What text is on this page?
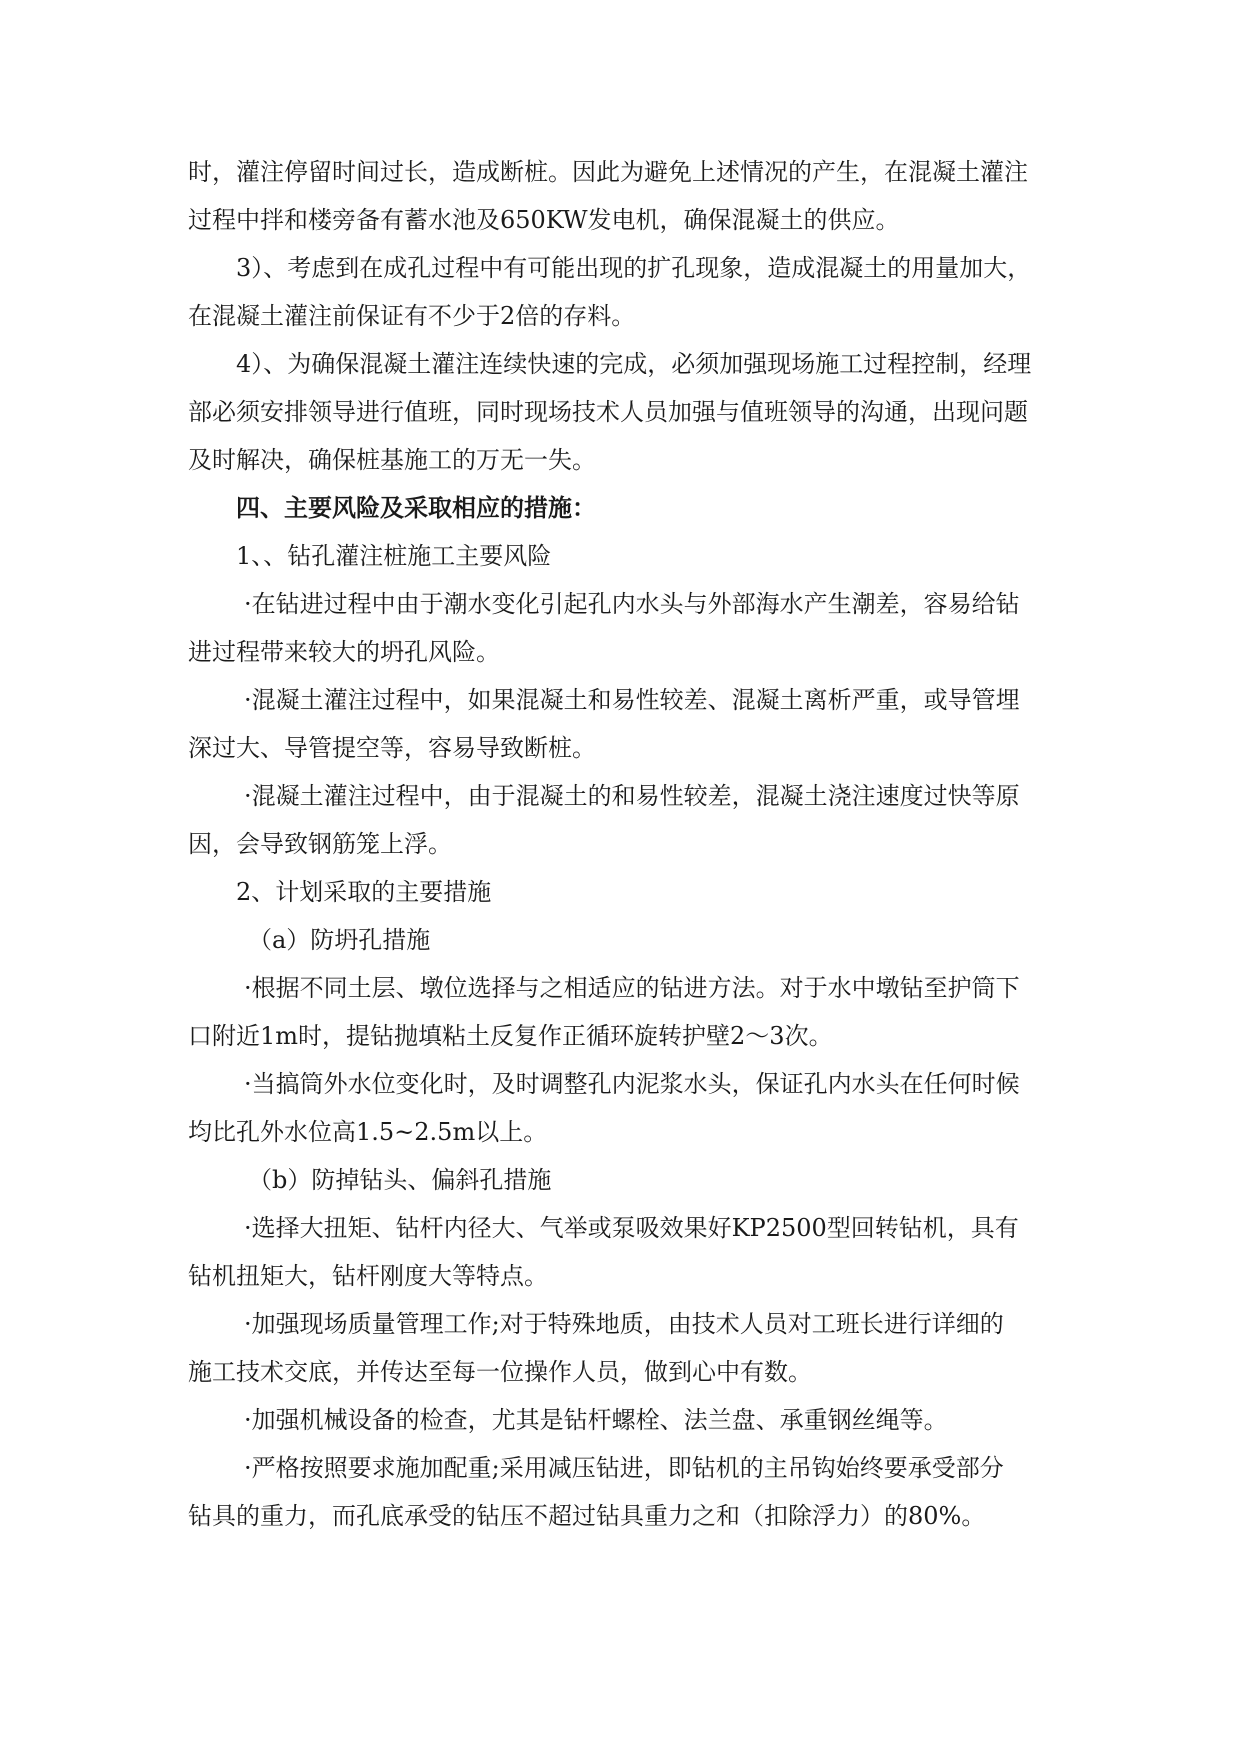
时，灌注停留时间过长，造成断桩。因此为避免上述情况的产生，在混凝土灌注
过程中拌和楼旁备有蓄水池及650KW发电机，确保混凝土的供应。
3）、考虑到在成孔过程中有可能出现的扩孔现象，造成混凝土的用量加大，
在混凝土灌注前保证有不少于2倍的存料。
4）、为确保混凝土灌注连续快速的完成，必须加强现场施工过程控制，经理
部必须安排领导进行值班，同时现场技术人员加强与值班领导的沟通，出现问题
及时解决，确保桩基施工的万无一失。
四、主要风险及采取相应的措施：
1、、钻孔灌注桩施工主要风险
·在钻进过程中由于潮水变化引起孔内水头与外部海水产生潮差，容易给钻
进过程带来较大的坍孔风险。
·混凝土灌注过程中，如果混凝土和易性较差、混凝土离析严重，或导管埋
深过大、导管提空等，容易导致断桩。
·混凝土灌注过程中，由于混凝土的和易性较差，混凝土浇注速度过快等原
因，会导致钢筋笼上浮。
2、计划采取的主要措施
（a）防坍孔措施
·根据不同土层、墩位选择与之相适应的钻进方法。对于水中墩钻至护筒下
口附近1m时，提钻抛填粘土反复作正循环旋转护壁2～3次。
·当搞筒外水位变化时，及时调整孔内泥浆水头，保证孔内水头在任何时候
均比孔外水位高1.5~2.5m以上。
（b）防掉钻头、偏斜孔措施
·选择大扭矩、钻杆内径大、气举或泵吸效果好KP2500型回转钻机，具有
钻机扭矩大，钻杆刚度大等特点。
·加强现场质量管理工作;对于特殊地质，由技术人员对工班长进行详细的
施工技术交底，并传达至每一位操作人员，做到心中有数。
·加强机械设备的检查，尤其是钻杆螺栓、法兰盘、承重钢丝绳等。
·严格按照要求施加配重;采用减压钻进，即钻机的主吊钩始终要承受部分
钻具的重力，而孔底承受的钻压不超过钻具重力之和（扣除浮力）的80%。
